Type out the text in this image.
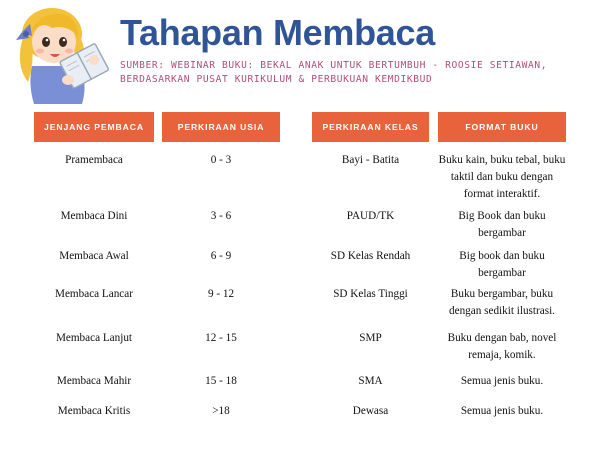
Tahapan Membaca
SUMBER: WEBINAR BUKU: BEKAL ANAK UNTUK BERTUMBUH - ROOSIE SETIAWAN, BERDASARKAN PUSAT KURIKULUM & PERBUKUAN KEMDIKBUD
JENJANG PEMBACA	PERKIRAAN USIA	PERKIRAAN KELAS	FORMAT BUKU
Pramembaca	0 - 3	Bayi - Batita	Buku kain, buku tebal, buku taktil dan buku dengan format interaktif.
Membaca Dini	3 - 6	PAUD/TK	Big Book dan buku bergambar
Membaca Awal	6 - 9	SD Kelas Rendah	Big book dan buku bergambar
Membaca Lancar	9 - 12	SD Kelas Tinggi	Buku bergambar, buku dengan sedikit ilustrasi.
Membaca Lanjut	12 - 15	SMP	Buku dengan bab, novel remaja, komik.
Membaca Mahir	15 - 18	SMA	Semua jenis buku.
Membaca Kritis	>18	Dewasa	Semua jenis buku.
